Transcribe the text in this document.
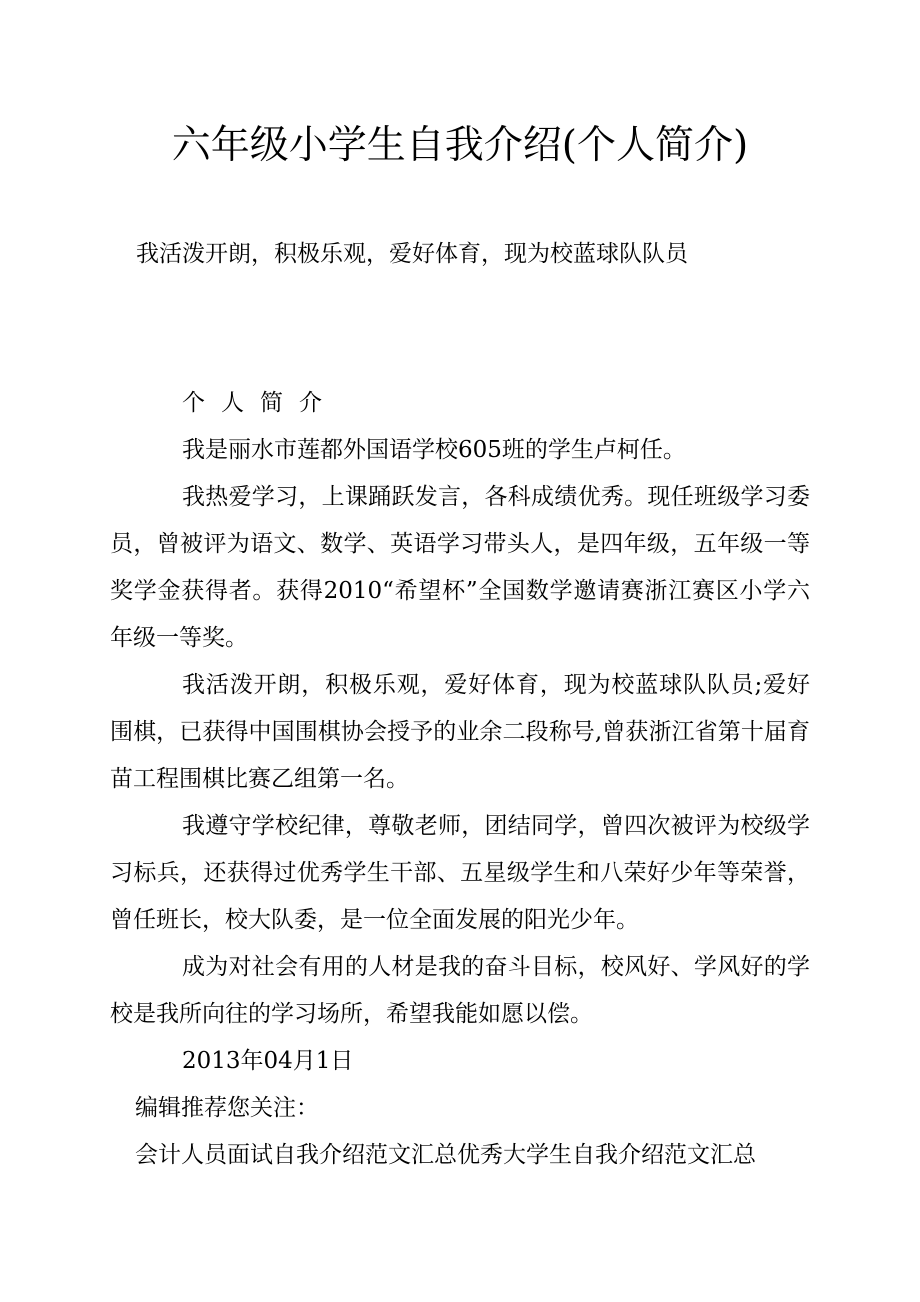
六年级小学生自我介绍(个人简介)

我活泼开朗，积极乐观，爱好体育，现为校蓝球队队员

个人简介

我是丽水市莲都外国语学校605班的学生卢柯任。

我热爱学习，上课踊跃发言，各科成绩优秀。现任班级学习委员，曾被评为语文、数学、英语学习带头人，是四年级，五年级一等奖学金获得者。获得2010“希望杯”全国数学邀请赛浙江赛区小学六年级一等奖。

我活泼开朗，积极乐观，爱好体育，现为校蓝球队队员;爱好围棋，已获得中国围棋协会授予的业余二段称号,曾获浙江省第十届育苗工程围棋比赛乙组第一名。

我遵守学校纪律，尊敬老师，团结同学，曾四次被评为校级学习标兵，还获得过优秀学生干部、五星级学生和八荣好少年等荣誉，曾任班长，校大队委，是一位全面发展的阳光少年。

成为对社会有用的人材是我的奋斗目标，校风好、学风好的学校是我所向往的学习场所，希望我能如愿以偿。

2013年04月1日

编辑推荐您关注：

会计人员面试自我介绍范文汇总优秀大学生自我介绍范文汇总
